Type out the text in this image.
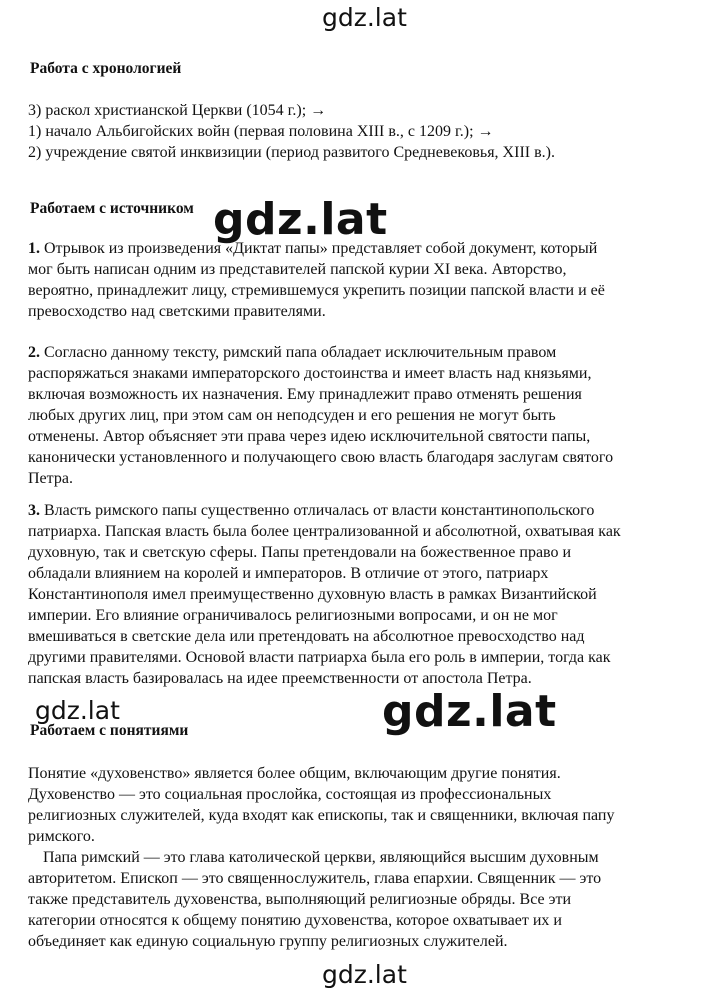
gdz.lat
gdz.lat
gdz.lat	gdz.lat
gdz.lat
Работа с хронологией
3) раскол христианской Церкви (1054 г.); →
1) начало Альбигойских войн (первая половина XIII в., с 1209 г.); →
2) учреждение святой инквизиции (период развитого Средневековья, XIII в.).
Работаем с источником
1. Отрывок из произведения «Диктат папы» представляет собой документ, который
мог быть написан одним из представителей папской курии XI века. Авторство,
вероятно, принадлежит лицу, стремившемуся укрепить позиции папской власти и её
превосходство над светскими правителями.
2. Согласно данному тексту, римский папа обладает исключительным правом
распоряжаться знаками императорского достоинства и имеет власть над князьями,
включая возможность их назначения. Ему принадлежит право отменять решения
любых других лиц, при этом сам он неподсуден и его решения не могут быть
отменены. Автор объясняет эти права через идею исключительной святости папы,
канонически установленного и получающего свою власть благодаря заслугам святого
Петра.
3. Власть римского папы существенно отличалась от власти константинопольского
патриарха. Папская власть была более централизованной и абсолютной, охватывая как
духовную, так и светскую сферы. Папы претендовали на божественное право и
обладали влиянием на королей и императоров. В отличие от этого, патриарх
Константинополя имел преимущественно духовную власть в рамках Византийской
империи. Его влияние ограничивалось религиозными вопросами, и он не мог
вмешиваться в светские дела или претендовать на абсолютное превосходство над
другими правителями. Основой власти патриарха была его роль в империи, тогда как
папская власть базировалась на идее преемственности от апостола Петра.
Работаем с понятиями
Понятие «духовенство» является более общим, включающим другие понятия.
Духовенство — это социальная прослойка, состоящая из профессиональных
религиозных служителей, куда входят как епископы, так и священники, включая папу
римского.
Папа римский — это глава католической церкви, являющийся высшим духовным
авторитетом. Епископ — это священнослужитель, глава епархии. Священник — это
также представитель духовенства, выполняющий религиозные обряды. Все эти
категории относятся к общему понятию духовенства, которое охватывает их и
объединяет как единую социальную группу религиозных служителей.
